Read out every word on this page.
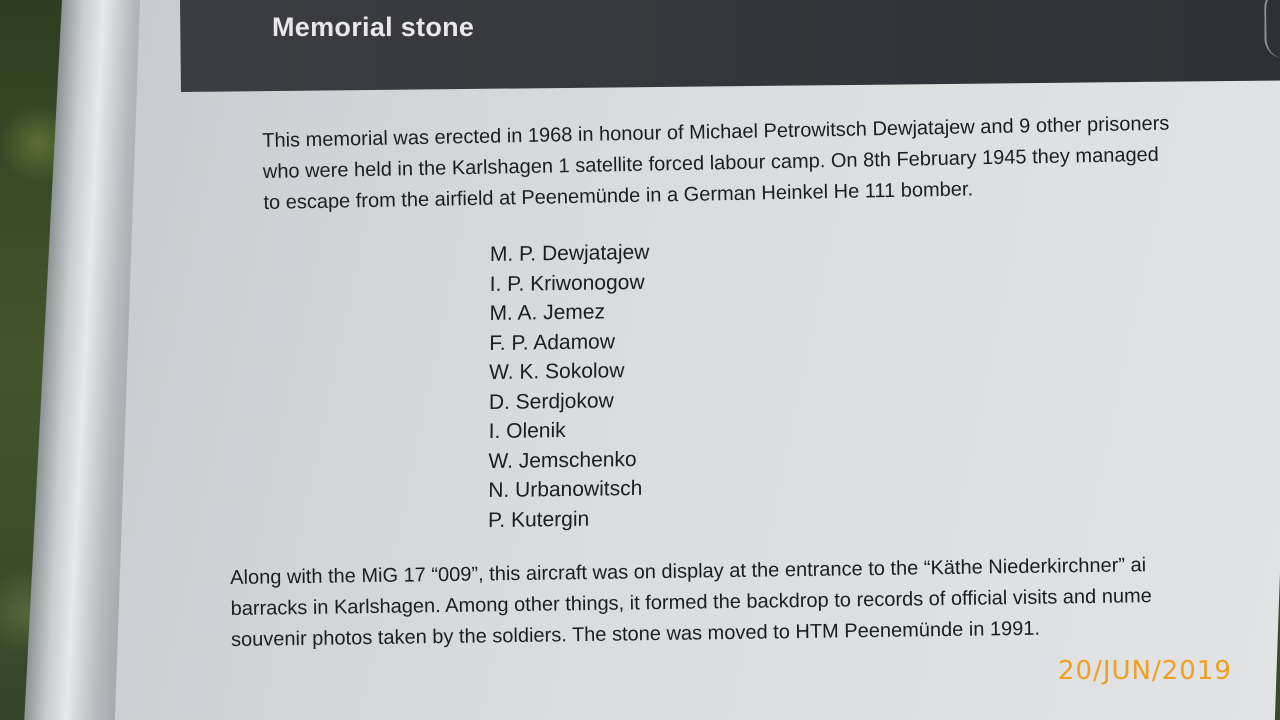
Memorial stone
This memorial was erected in 1968 in honour of Michael Petrowitsch Dewjatajew and 9 other prisoners
who were held in the Karlshagen 1 satellite forced labour camp. On 8th February 1945 they managed
to escape from the airfield at Peenemünde in a German Heinkel He 111 bomber.
M. P. Dewjatajew
I. P. Kriwonogow
M. A. Jemez
F. P. Adamow
W. K. Sokolow
D. Serdjokow
I. Olenik
W. Jemschenko
N. Urbanowitsch
P. Kutergin
Along with the MiG 17 “009”, this aircraft was on display at the entrance to the “Käthe Niederkirchner” ai
barracks in Karlshagen. Among other things, it formed the backdrop to records of official visits and nume
souvenir photos taken by the soldiers. The stone was moved to HTM Peenemünde in 1991.
20/JUN/2019
